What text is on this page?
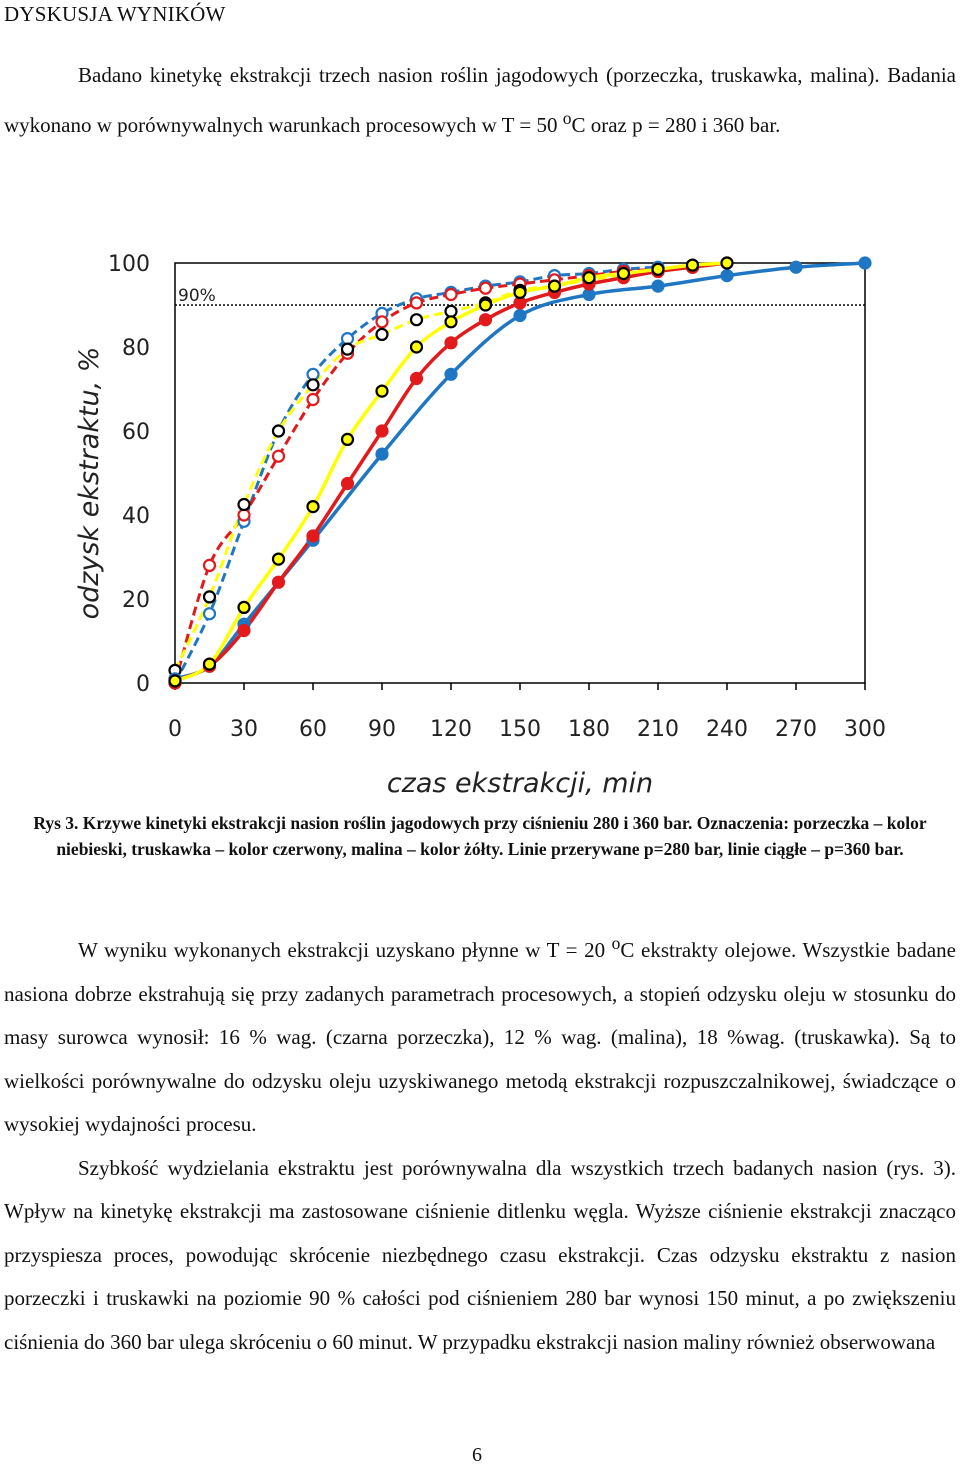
DYSKUSJA WYNIKÓW
Badano kinetykę ekstrakcji trzech nasion roślin jagodowych (porzeczka, truskawka, malina). Badania wykonano w porównywalnych warunkach procesowych w T = 50 $^o$C oraz p = 280 i 360 bar.
0 30 60 90 120 150 180 210 240 270 300
0
20
40
60
80
100
czas ekstrakcji, min
odzysk ekstraktu, %
90%
Rys 3. Krzywe kinetyki ekstrakcji nasion roślin jagodowych przy ciśnieniu 280 i 360 bar. Oznaczenia: porzeczka – kolor niebieski, truskawka – kolor czerwony, malina – kolor żółty. Linie przerywane p=280 bar, linie ciągłe – p=360 bar.

W wyniku wykonanych ekstrakcji uzyskano płynne w T = 20 $^o$C ekstrakty olejowe. Wszystkie badane nasiona dobrze ekstrahują się przy zadanych parametrach procesowych, a stopień odzysku oleju w stosunku do masy surowca wynosił: 16 % wag. (czarna porzeczka), 12 % wag. (malina), 18 %wag. (truskawka). Są to wielkości porównywalne do odzysku oleju uzyskiwanego metodą ekstrakcji rozpuszczalnikowej, świadczące o wysokiej wydajności procesu.

Szybkość wydzielania ekstraktu jest porównywalna dla wszystkich trzech badanych nasion (rys. 3). Wpływ na kinetykę ekstrakcji ma zastosowane ciśnienie ditlenku węgla. Wyższe ciśnienie ekstrakcji znacząco przyspiesza proces, powodując skrócenie niezbędnego czasu ekstrakcji. Czas odzysku ekstraktu z nasion porzeczki i truskawki na poziomie 90 % całości pod ciśnieniem 280 bar wynosi 150 minut, a po zwiększeniu ciśnienia do 360 bar ulega skróceniu o 60 minut. W przypadku ekstrakcji nasion maliny również obserwowana

6
